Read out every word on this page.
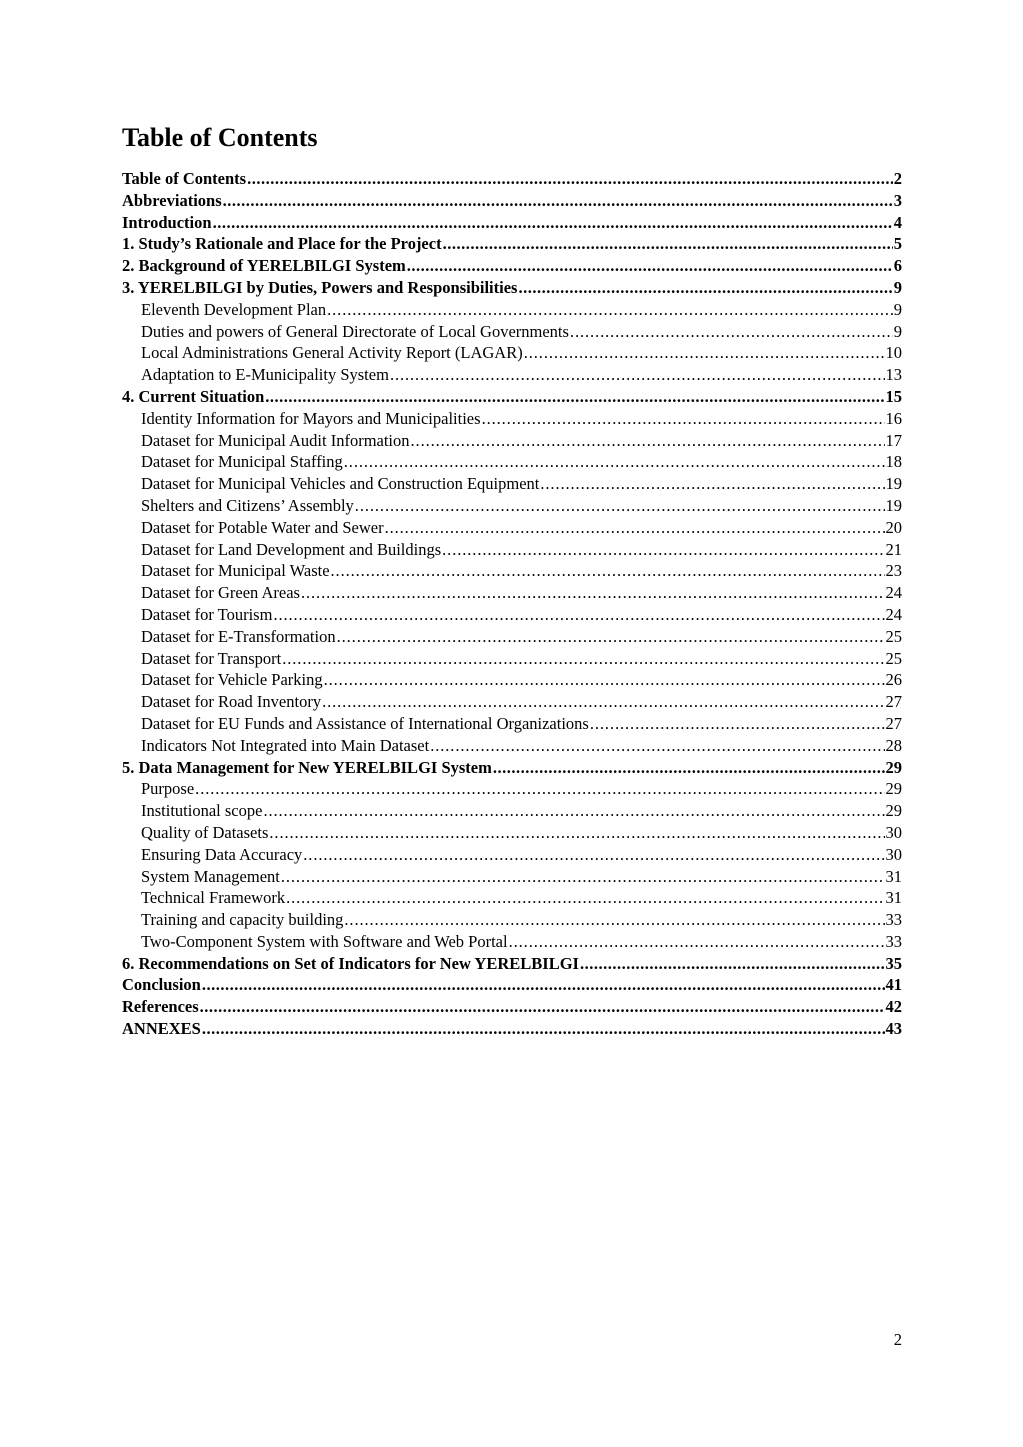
Table of Contents
Table of Contents .....	2
Abbreviations .....	3
Introduction .....	4
1. Study’s Rationale and Place for the Project .....	5
2. Background of YERELBILGI System .....	6
3. YERELBILGI by Duties, Powers and Responsibilities .....	9
Eleventh Development Plan .....	9
Duties and powers of General Directorate of Local Governments .....	9
Local Administrations General Activity Report (LAGAR) .....	10
Adaptation to E-Municipality System .....	13
4. Current Situation .....	15
Identity Information for Mayors and Municipalities .....	16
Dataset for Municipal Audit Information .....	17
Dataset for Municipal Staffing .....	18
Dataset for Municipal Vehicles and Construction Equipment .....	19
Shelters and Citizens’ Assembly .....	19
Dataset for Potable Water and Sewer .....	20
Dataset for Land Development and Buildings .....	21
Dataset for Municipal Waste .....	23
Dataset for Green Areas .....	24
Dataset for Tourism .....	24
Dataset for E-Transformation .....	25
Dataset for Transport .....	25
Dataset for Vehicle Parking .....	26
Dataset for Road Inventory .....	27
Dataset for EU Funds and Assistance of International Organizations .....	27
Indicators Not Integrated into Main Dataset .....	28
5. Data Management for New YERELBILGI System .....	29
Purpose .....	29
Institutional scope .....	29
Quality of Datasets .....	30
Ensuring Data Accuracy .....	30
System Management .....	31
Technical Framework .....	31
Training and capacity building .....	33
Two-Component System with Software and Web Portal .....	33
6. Recommendations on Set of Indicators for New YERELBILGI .....	35
Conclusion .....	41
References .....	42
ANNEXES .....	43
2
